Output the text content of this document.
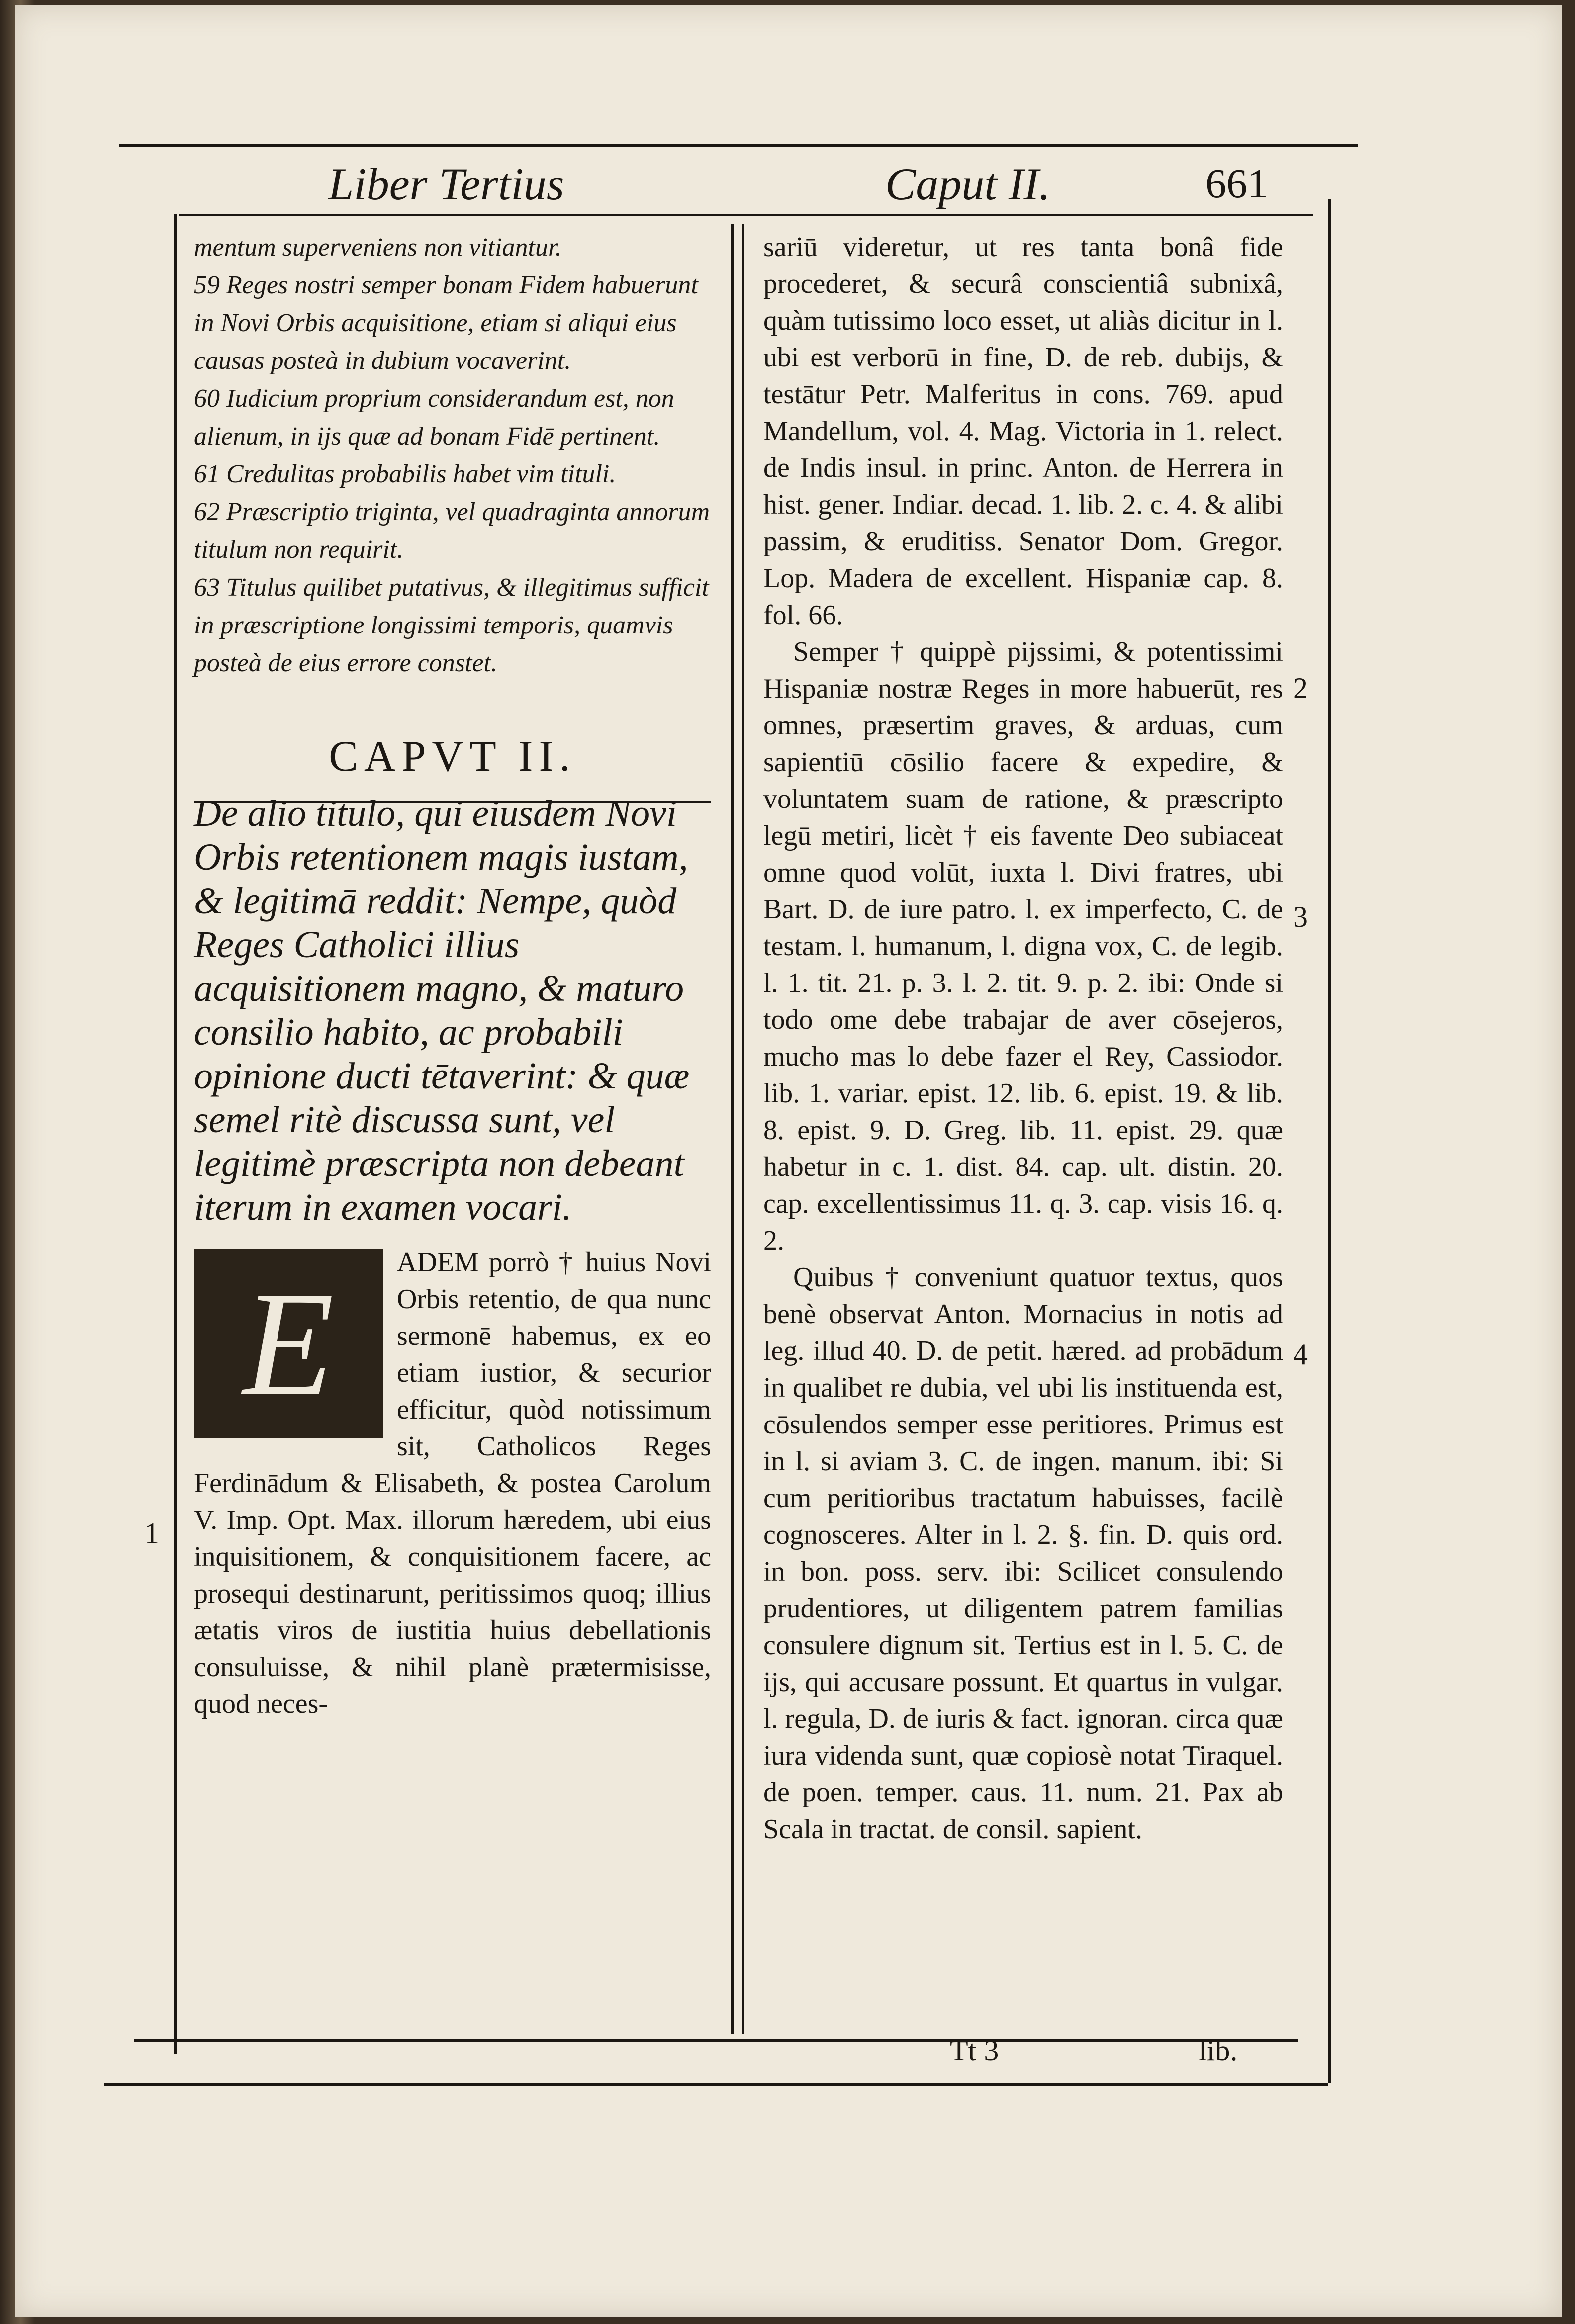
Liber Tertius	Caput II.	661

mentum superveniens non vitiantur.

59 Reges nostri semper bonam Fidem habuerunt in Novi Orbis acquisitione, etiam si aliqui eius causas posteà in dubium vocaverint.

60 Iudicium proprium considerandum est, non alienum, in ijs quæ ad bonam Fidē pertinent.

61 Credulitas probabilis habet vim tituli.

62 Præscriptio triginta, vel quadraginta annorum titulum non requirit.

63 Titulus quilibet putativus, & illegitimus sufficit in præscriptione longissimi temporis, quamvis posteà de eius errore constet.

CAPVT II.

De alio titulo, qui eiusdem Novi Orbis retentionem magis iustam, & legitimā reddit: Nempe, quòd Reges Catholici illius acquisitionem magno, & maturo consilio habito, ac probabili opinione ducti tētaverint: & quæ semel ritè discussa sunt, vel legitimè præscripta non debeant iterum in examen vocari.

E	ADEM porrò † huius Novi Orbis retentio, de qua nunc sermonē habemus, ex eo etiam iustior, & securior efficitur, quòd notissimum sit, Catholicos Reges Ferdinādum & Elisabeth, & postea Carolum V. Imp. Opt. Max. illorum hæredem, ubi eius inquisitionem, & conquisitionem facere, ac prosequi destinarunt, peritissimos quoq; illius ætatis viros de iustitia huius debellationis consuluisse, & nihil planè prætermisisse, quod neces-

sariū videretur, ut res tanta bonâ fide procederet, & securâ conscientiâ subnixâ, quàm tutissimo loco esset, ut aliàs dicitur in l. ubi est verborū in fine, D. de reb. dubijs, & testātur Petr. Malferitus in cons. 769. apud Mandellum, vol. 4. Mag. Victoria in 1. relect. de Indis insul. in princ. Anton. de Herrera in hist. gener. Indiar. decad. 1. lib. 2. c. 4. & alibi passim, & eruditiss. Senator Dom. Gregor. Lop. Madera de excellent. Hispaniæ cap. 8. fol. 66.

Semper † quippè pijssimi, & potentissimi Hispaniæ nostræ Reges in more habuerūt, res omnes, præsertim graves, & arduas, cum sapientiū cōsilio facere & expedire, & voluntatem suam de ratione, & præscripto legū metiri, licèt † eis favente Deo subiaceat omne quod volūt, iuxta l. Divi fratres, ubi Bart. D. de iure patro. l. ex imperfecto, C. de testam. l. humanum, l. digna vox, C. de legib. l. 1. tit. 21. p. 3. l. 2. tit. 9. p. 2. ibi: Onde si todo ome debe trabajar de aver cōsejeros, mucho mas lo debe fazer el Rey, Cassiodor. lib. 1. variar. epist. 12. lib. 6. epist. 19. & lib. 8. epist. 9. D. Greg. lib. 11. epist. 29. quæ habetur in c. 1. dist. 84. cap. ult. distin. 20. cap. excellentissimus 11. q. 3. cap. visis 16. q. 2.

Quibus † conveniunt quatuor textus, quos benè observat Anton. Mornacius in notis ad leg. illud 40. D. de petit. hæred. ad probādum in qualibet re dubia, vel ubi lis instituenda est, cōsulendos semper esse peritiores. Primus est in l. si aviam 3. C. de ingen. manum. ibi: Si cum peritioribus tractatum habuisses, facilè cognosceres. Alter in l. 2. §. fin. D. quis ord. in bon. poss. serv. ibi: Scilicet consulendo prudentiores, ut diligentem patrem familias consulere dignum sit. Tertius est in l. 5. C. de ijs, qui accusare possunt. Et quartus in vulgar. l. regula, D. de iuris & fact. ignoran. circa quæ iura videnda sunt, quæ copiosè notat Tiraquel. de poen. temper. caus. 11. num. 21. Pax ab Scala in tractat. de consil. sapient.

1
2
3
4
Tt 3	lib.
